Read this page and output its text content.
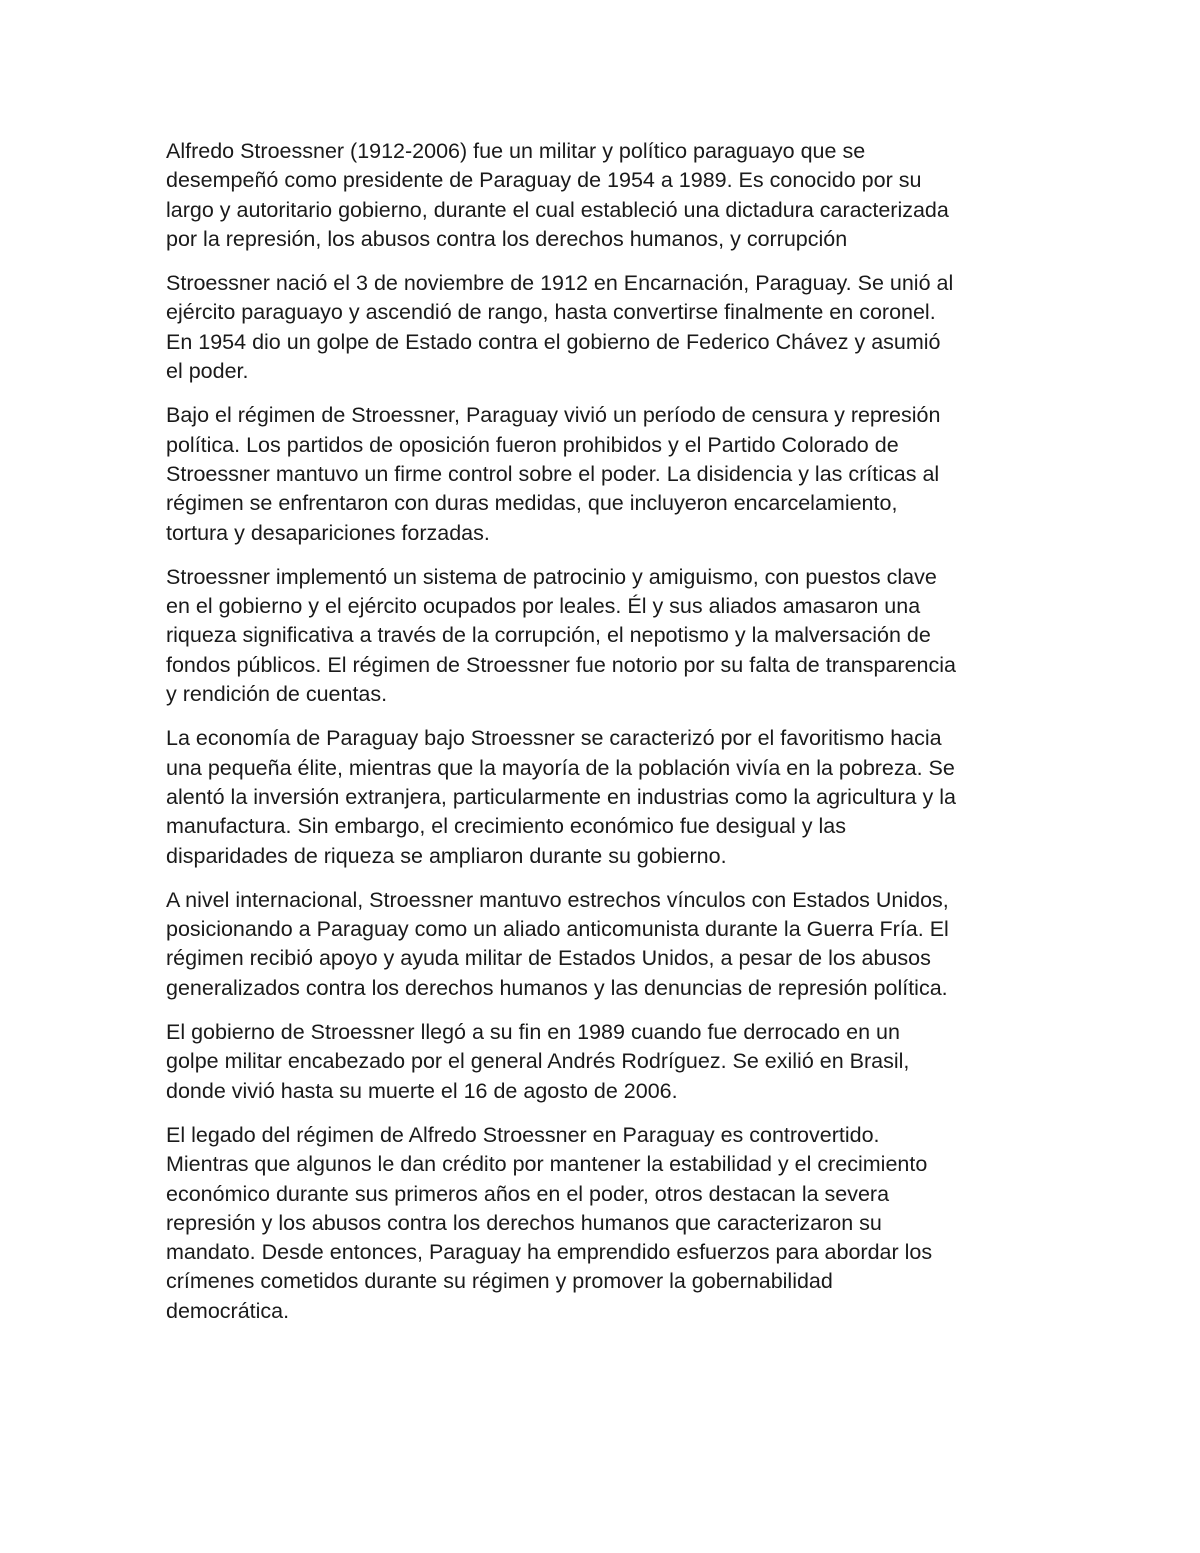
Alfredo Stroessner (1912-2006) fue un militar y político paraguayo que se
desempeñó como presidente de Paraguay de 1954 a 1989. Es conocido por su
largo y autoritario gobierno, durante el cual estableció una dictadura caracterizada
por la represión, los abusos contra los derechos humanos, y corrupción

Stroessner nació el 3 de noviembre de 1912 en Encarnación, Paraguay. Se unió al
ejército paraguayo y ascendió de rango, hasta convertirse finalmente en coronel.
En 1954 dio un golpe de Estado contra el gobierno de Federico Chávez y asumió
el poder.

Bajo el régimen de Stroessner, Paraguay vivió un período de censura y represión
política. Los partidos de oposición fueron prohibidos y el Partido Colorado de
Stroessner mantuvo un firme control sobre el poder. La disidencia y las críticas al
régimen se enfrentaron con duras medidas, que incluyeron encarcelamiento,
tortura y desapariciones forzadas.

Stroessner implementó un sistema de patrocinio y amiguismo, con puestos clave
en el gobierno y el ejército ocupados por leales. Él y sus aliados amasaron una
riqueza significativa a través de la corrupción, el nepotismo y la malversación de
fondos públicos. El régimen de Stroessner fue notorio por su falta de transparencia
y rendición de cuentas.

La economía de Paraguay bajo Stroessner se caracterizó por el favoritismo hacia
una pequeña élite, mientras que la mayoría de la población vivía en la pobreza. Se
alentó la inversión extranjera, particularmente en industrias como la agricultura y la
manufactura. Sin embargo, el crecimiento económico fue desigual y las
disparidades de riqueza se ampliaron durante su gobierno.

A nivel internacional, Stroessner mantuvo estrechos vínculos con Estados Unidos,
posicionando a Paraguay como un aliado anticomunista durante la Guerra Fría. El
régimen recibió apoyo y ayuda militar de Estados Unidos, a pesar de los abusos
generalizados contra los derechos humanos y las denuncias de represión política.

El gobierno de Stroessner llegó a su fin en 1989 cuando fue derrocado en un
golpe militar encabezado por el general Andrés Rodríguez. Se exilió en Brasil,
donde vivió hasta su muerte el 16 de agosto de 2006.

El legado del régimen de Alfredo Stroessner en Paraguay es controvertido.
Mientras que algunos le dan crédito por mantener la estabilidad y el crecimiento
económico durante sus primeros años en el poder, otros destacan la severa
represión y los abusos contra los derechos humanos que caracterizaron su
mandato. Desde entonces, Paraguay ha emprendido esfuerzos para abordar los
crímenes cometidos durante su régimen y promover la gobernabilidad
democrática.
